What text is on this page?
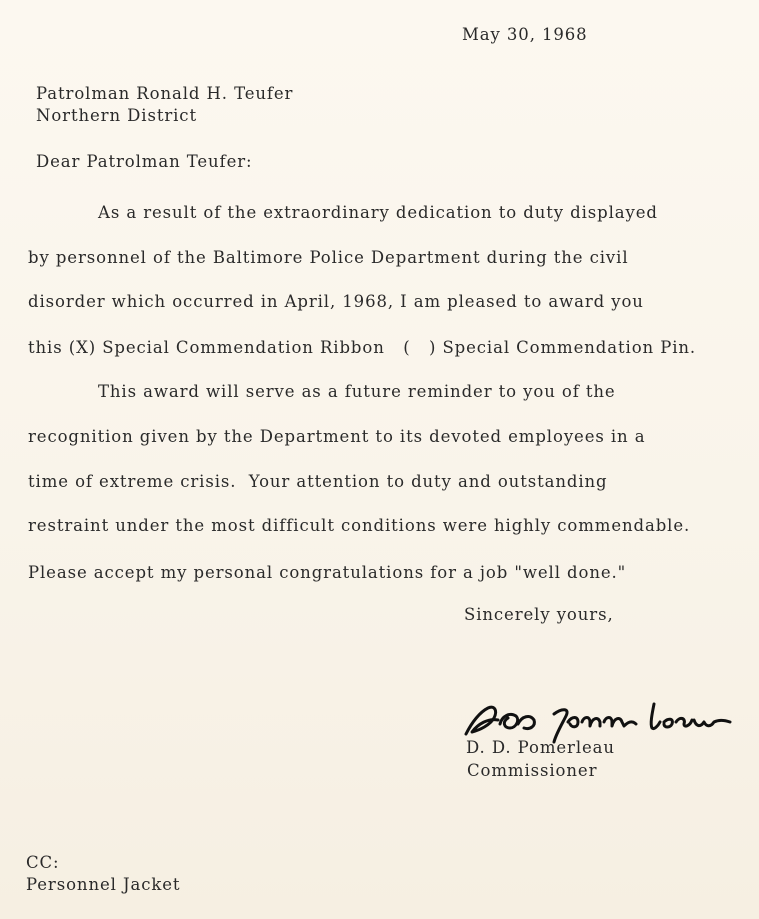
May 30, 1968
Patrolman Ronald H. Teufer
Northern District
Dear Patrolman Teufer:
As a result of the extraordinary dedication to duty displayed
by personnel of the Baltimore Police Department during the civil
disorder which occurred in April, 1968, I am pleased to award you
this (X) Special Commendation Ribbon   (   ) Special Commendation Pin.
This award will serve as a future reminder to you of the
recognition given by the Department to its devoted employees in a
time of extreme crisis.  Your attention to duty and outstanding
restraint under the most difficult conditions were highly commendable.
Please accept my personal congratulations for a job "well done."
Sincerely yours,
D. D. Pomerleau
Commissioner
CC:
Personnel Jacket
